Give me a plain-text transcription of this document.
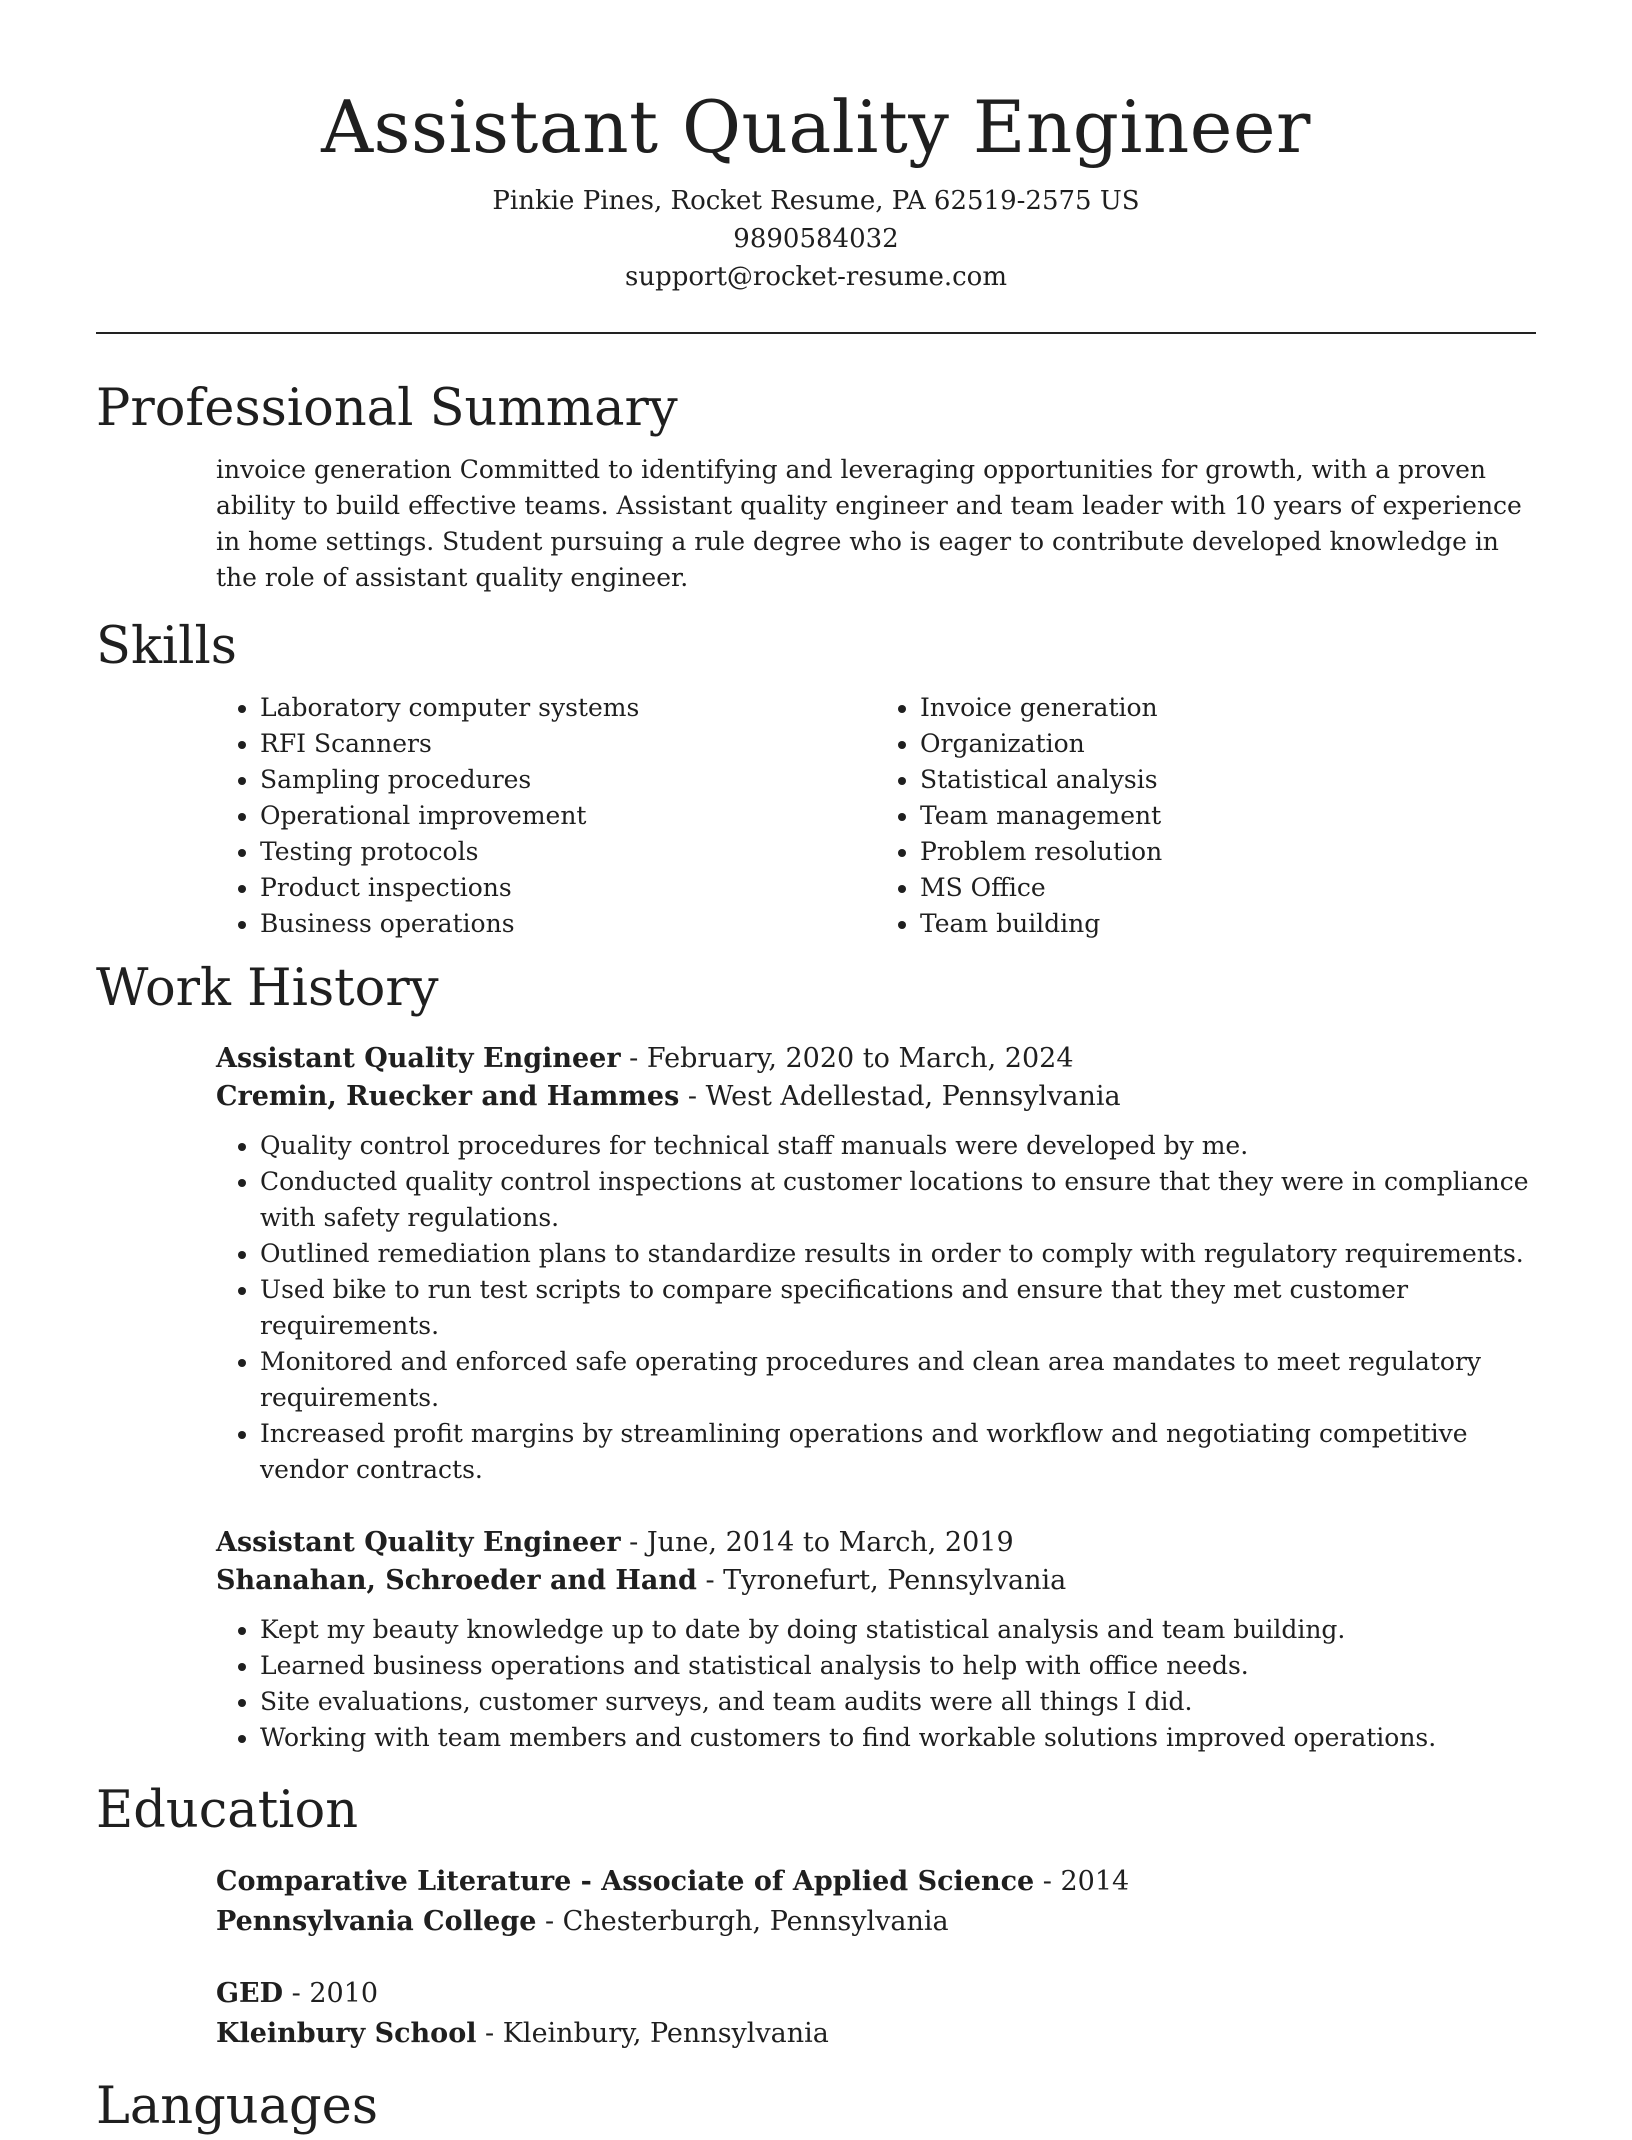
Assistant Quality Engineer
Pinkie Pines, Rocket Resume, PA 62519-2575 US
9890584032
support@rocket-resume.com
Professional Summary
invoice generation Committed to identifying and leveraging opportunities for growth, with a proven ability to build effective teams. Assistant quality engineer and team leader with 10 years of experience in home settings. Student pursuing a rule degree who is eager to contribute developed knowledge in the role of assistant quality engineer.
Skills
• Laboratory computer systems
• RFI Scanners
• Sampling procedures
• Operational improvement
• Testing protocols
• Product inspections
• Business operations
• Invoice generation
• Organization
• Statistical analysis
• Team management
• Problem resolution
• MS Office
• Team building
Work History
Assistant Quality Engineer - February, 2020 to March, 2024
Cremin, Ruecker and Hammes - West Adellestad, Pennsylvania
• Quality control procedures for technical staff manuals were developed by me.
• Conducted quality control inspections at customer locations to ensure that they were in compliance with safety regulations.
• Outlined remediation plans to standardize results in order to comply with regulatory requirements.
• Used bike to run test scripts to compare specifications and ensure that they met customer requirements.
• Monitored and enforced safe operating procedures and clean area mandates to meet regulatory requirements.
• Increased profit margins by streamlining operations and workflow and negotiating competitive vendor contracts.
Assistant Quality Engineer - June, 2014 to March, 2019
Shanahan, Schroeder and Hand - Tyronefurt, Pennsylvania
• Kept my beauty knowledge up to date by doing statistical analysis and team building.
• Learned business operations and statistical analysis to help with office needs.
• Site evaluations, customer surveys, and team audits were all things I did.
• Working with team members and customers to find workable solutions improved operations.
Education
Comparative Literature - Associate of Applied Science - 2014
Pennsylvania College - Chesterburgh, Pennsylvania
GED - 2010
Kleinbury School - Kleinbury, Pennsylvania
Languages
